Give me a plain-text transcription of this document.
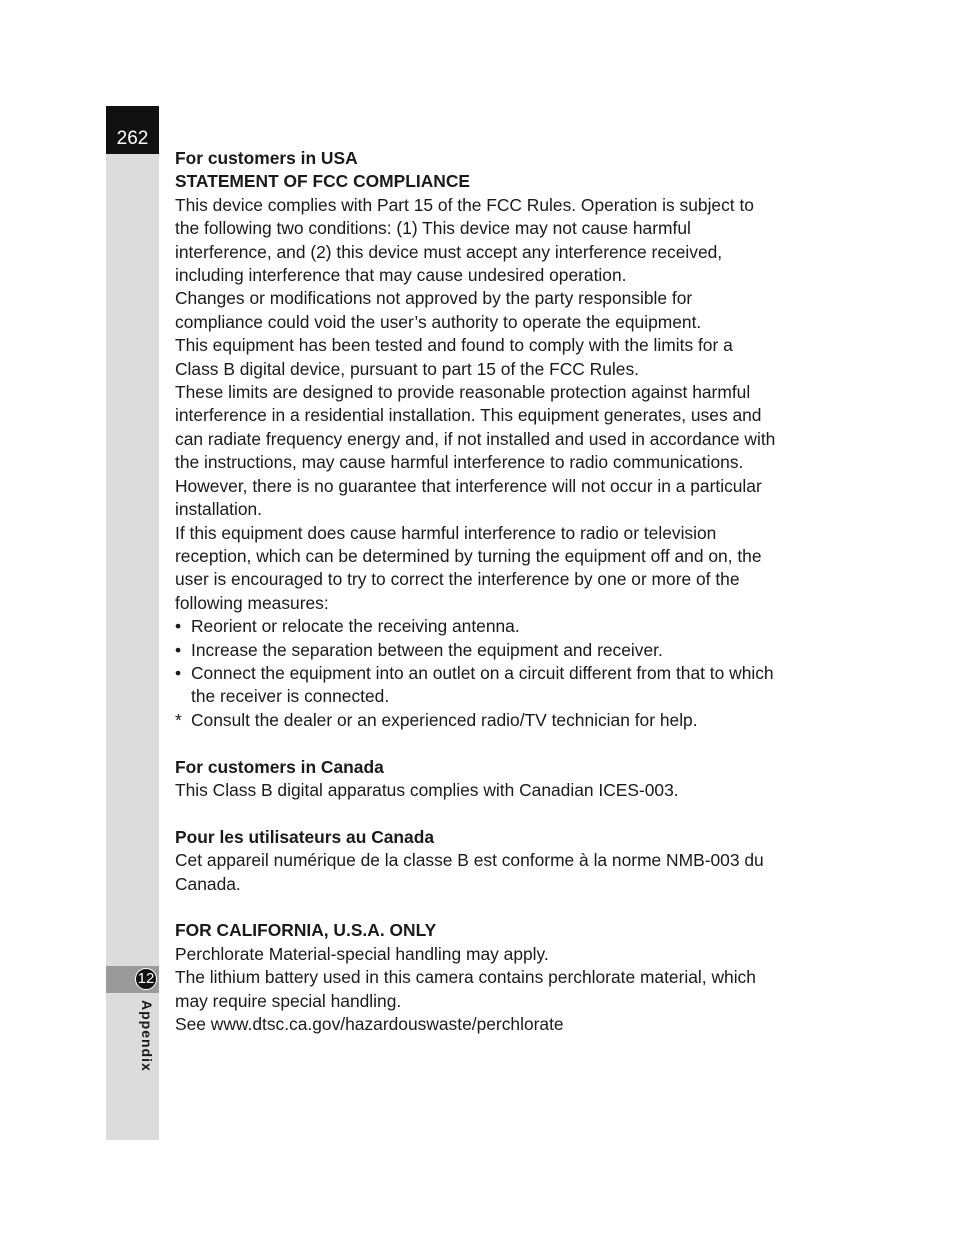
262
12
Appendix

For customers in USA

STATEMENT OF FCC COMPLIANCE

This device complies with Part 15 of the FCC Rules. Operation is subject to the following two conditions: (1) This device may not cause harmful interference, and (2) this device must accept any interference received, including interference that may cause undesired operation.

Changes or modifications not approved by the party responsible for compliance could void the user’s authority to operate the equipment.

This equipment has been tested and found to comply with the limits for a Class B digital device, pursuant to part 15 of the FCC Rules.

These limits are designed to provide reasonable protection against harmful interference in a residential installation. This equipment generates, uses and can radiate frequency energy and, if not installed and used in accordance with the instructions, may cause harmful interference to radio communications. However, there is no guarantee that interference will not occur in a particular installation.

If this equipment does cause harmful interference to radio or television reception, which can be determined by turning the equipment off and on, the user is encouraged to try to correct the interference by one or more of the following measures:

• Reorient or relocate the receiving antenna.
• Increase the separation between the equipment and receiver.
• Connect the equipment into an outlet on a circuit different from that to which the receiver is connected.
* Consult the dealer or an experienced radio/TV technician for help.

For customers in Canada

This Class B digital apparatus complies with Canadian ICES-003.

Pour les utilisateurs au Canada

Cet appareil numérique de la classe B est conforme à la norme NMB-003 du Canada.

FOR CALIFORNIA, U.S.A. ONLY

Perchlorate Material-special handling may apply.

The lithium battery used in this camera contains perchlorate material, which may require special handling.

See www.dtsc.ca.gov/hazardouswaste/perchlorate
